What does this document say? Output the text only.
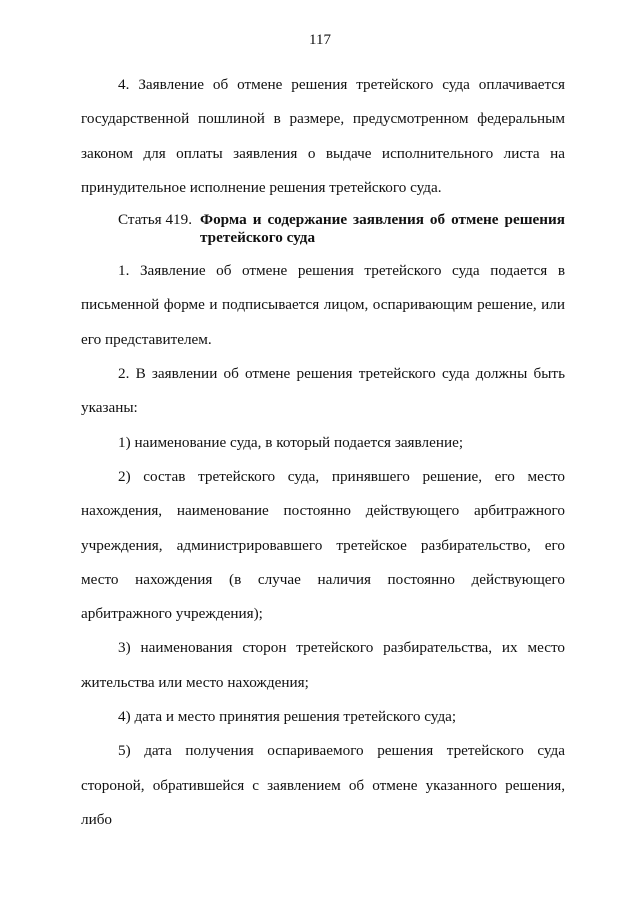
117

4. Заявление об отмене решения третейского суда оплачивается государственной пошлиной в размере, предусмотренном федеральным законом для оплаты заявления о выдаче исполнительного листа на принудительное исполнение решения третейского суда.

Статья 419. Форма и содержание заявления об отмене решения третейского суда

1. Заявление об отмене решения третейского суда подается в письменной форме и подписывается лицом, оспаривающим решение, или его представителем.

2. В заявлении об отмене решения третейского суда должны быть указаны:

1) наименование суда, в который подается заявление;

2) состав третейского суда, принявшего решение, его место нахождения, наименование постоянно действующего арбитражного учреждения, администрировавшего третейское разбирательство, его место нахождения (в случае наличия постоянно действующего арбитражного учреждения);

3) наименования сторон третейского разбирательства, их место жительства или место нахождения;

4) дата и место принятия решения третейского суда;

5) дата получения оспариваемого решения третейского суда стороной, обратившейся с заявлением об отмене указанного решения, либо
